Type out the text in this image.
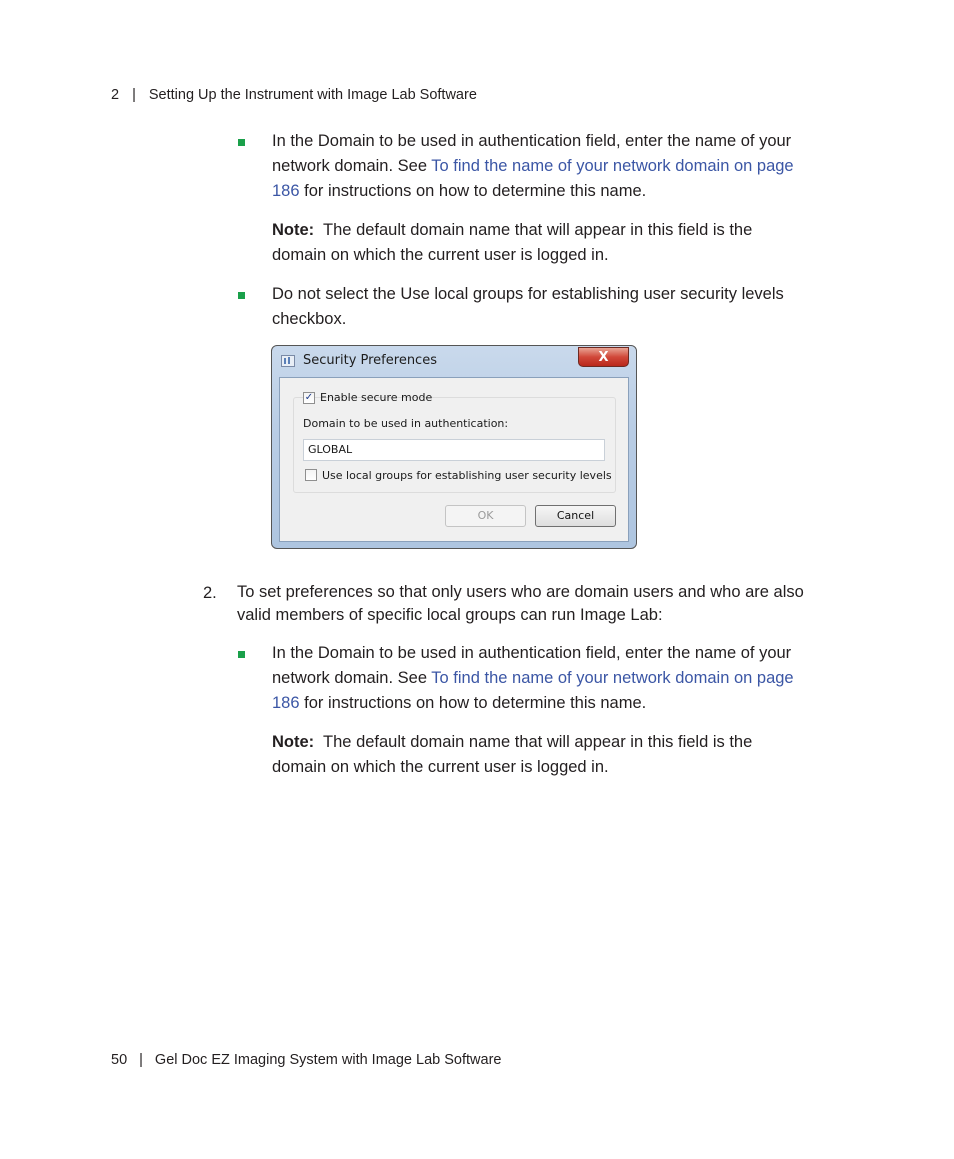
2 | Setting Up the Instrument with Image Lab Software
In the Domain to be used in authentication field, enter the name of your network domain. See To find the name of your network domain on page 186 for instructions on how to determine this name.
Note: The default domain name that will appear in this field is the domain on which the current user is logged in.
Do not select the Use local groups for establishing user security levels checkbox.
Security Preferences	X
✓ Enable secure mode
Domain to be used in authentication:
GLOBAL
Use local groups for establishing user security levels
OK	Cancel
2. To set preferences so that only users who are domain users and who are also valid members of specific local groups can run Image Lab:
In the Domain to be used in authentication field, enter the name of your network domain. See To find the name of your network domain on page 186 for instructions on how to determine this name.
Note: The default domain name that will appear in this field is the domain on which the current user is logged in.
50 | Gel Doc EZ Imaging System with Image Lab Software
